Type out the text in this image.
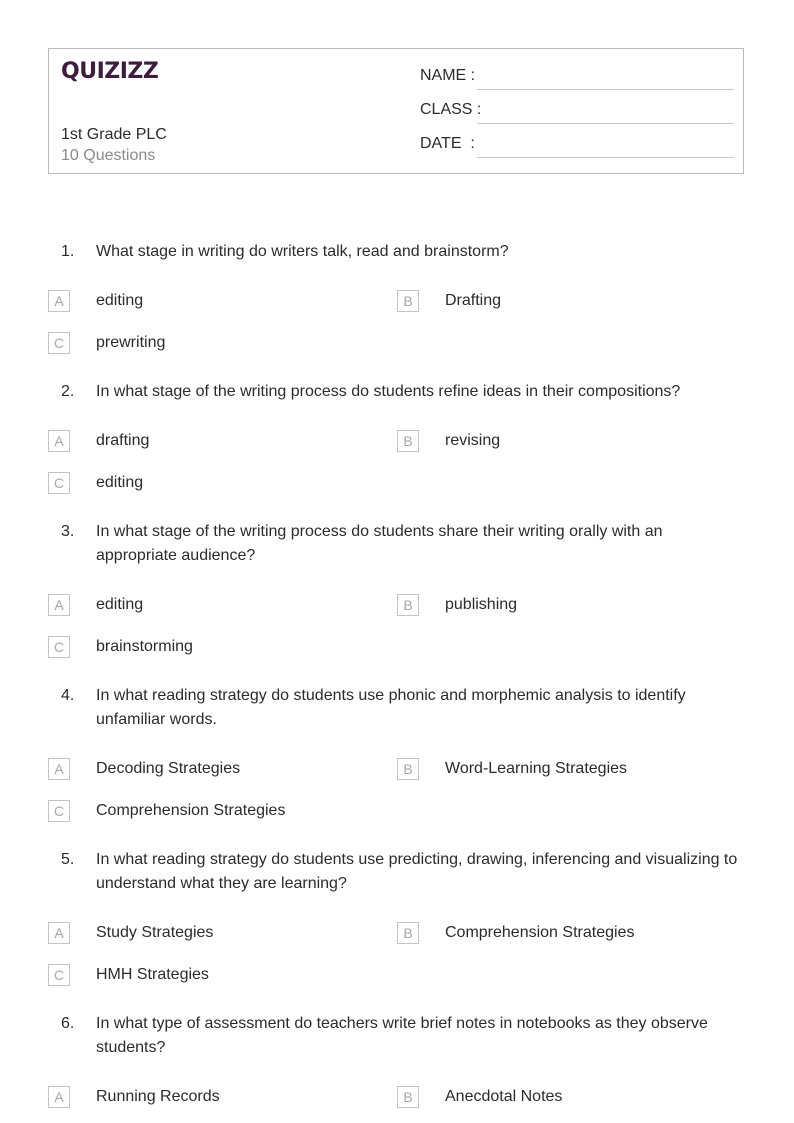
QUIZIZZ
1st Grade PLC
10 Questions
NAME :
CLASS :
DATE  :
1. What stage in writing do writers talk, read and brainstorm?
A	editing	B	Drafting
C	prewriting
2. In what stage of the writing process do students refine ideas in their compositions?
A	drafting	B	revising
C	editing
3. In what stage of the writing process do students share their writing orally with an appropriate audience?
A	editing	B	publishing
C	brainstorming
4. In what reading strategy do students use phonic and morphemic analysis to identify unfamiliar words.
A	Decoding Strategies	B	Word-Learning Strategies
C	Comprehension Strategies
5. In what reading strategy do students use predicting, drawing, inferencing and visualizing to understand what they are learning?
A	Study Strategies	B	Comprehension Strategies
C	HMH Strategies
6. In what type of assessment do teachers write brief notes in notebooks as they observe students?
A	Running Records	B	Anecdotal Notes
